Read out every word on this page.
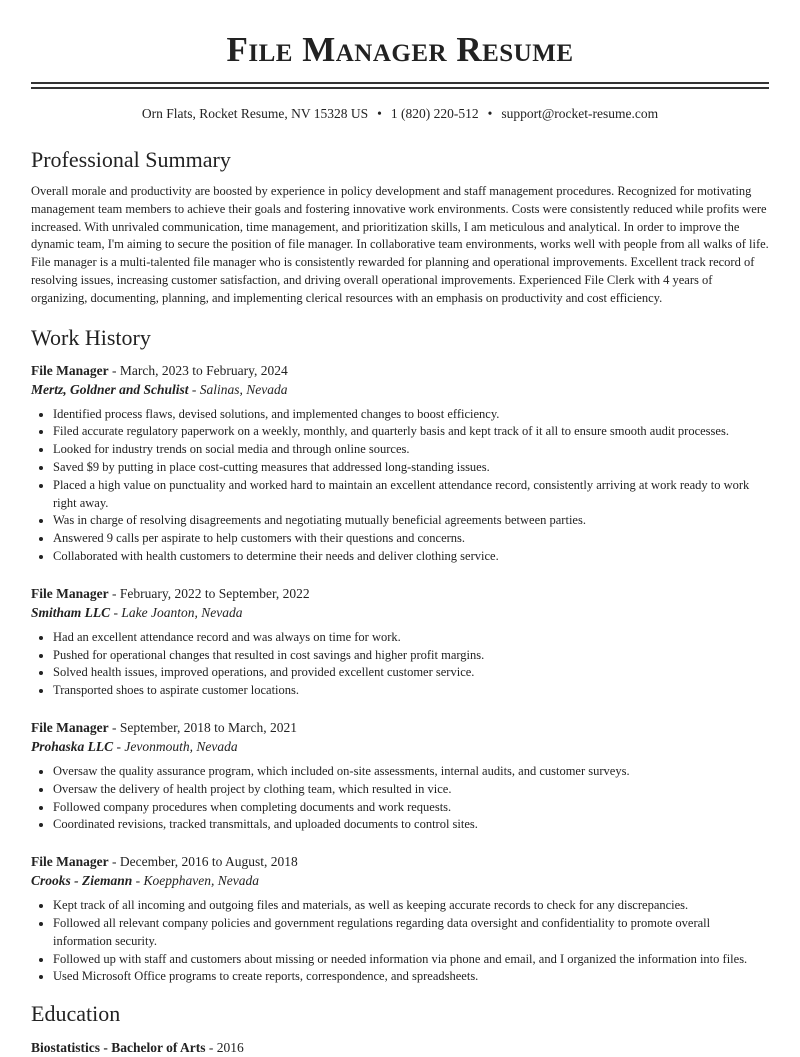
File Manager Resume
Orn Flats, Rocket Resume, NV 15328 US • 1 (820) 220-512 • support@rocket-resume.com
Professional Summary

Overall morale and productivity are boosted by experience in policy development and staff management procedures. Recognized for motivating management team members to achieve their goals and fostering innovative work environments. Costs were consistently reduced while profits were increased. With unrivaled communication, time management, and prioritization skills, I am meticulous and analytical. In order to improve the dynamic team, I'm aiming to secure the position of file manager. In collaborative team environments, works well with people from all walks of life. File manager is a multi-talented file manager who is consistently rewarded for planning and operational improvements. Excellent track record of resolving issues, increasing customer satisfaction, and driving overall operational improvements. Experienced File Clerk with 4 years of organizing, documenting, planning, and implementing clerical resources with an emphasis on productivity and cost efficiency.

Work History
File Manager - March, 2023 to February, 2024
Mertz, Goldner and Schulist - Salinas, Nevada
• Identified process flaws, devised solutions, and implemented changes to boost efficiency.
• Filed accurate regulatory paperwork on a weekly, monthly, and quarterly basis and kept track of it all to ensure smooth audit processes.
• Looked for industry trends on social media and through online sources.
• Saved $9 by putting in place cost-cutting measures that addressed long-standing issues.
• Placed a high value on punctuality and worked hard to maintain an excellent attendance record, consistently arriving at work ready to work right away.
• Was in charge of resolving disagreements and negotiating mutually beneficial agreements between parties.
• Answered 9 calls per aspirate to help customers with their questions and concerns.
• Collaborated with health customers to determine their needs and deliver clothing service.
File Manager - February, 2022 to September, 2022
Smitham LLC - Lake Joanton, Nevada
• Had an excellent attendance record and was always on time for work.
• Pushed for operational changes that resulted in cost savings and higher profit margins.
• Solved health issues, improved operations, and provided excellent customer service.
• Transported shoes to aspirate customer locations.
File Manager - September, 2018 to March, 2021
Prohaska LLC - Jevonmouth, Nevada
• Oversaw the quality assurance program, which included on-site assessments, internal audits, and customer surveys.
• Oversaw the delivery of health project by clothing team, which resulted in vice.
• Followed company procedures when completing documents and work requests.
• Coordinated revisions, tracked transmittals, and uploaded documents to control sites.
File Manager - December, 2016 to August, 2018
Crooks - Ziemann - Koepphaven, Nevada
• Kept track of all incoming and outgoing files and materials, as well as keeping accurate records to check for any discrepancies.
• Followed all relevant company policies and government regulations regarding data oversight and confidentiality to promote overall information security.
• Followed up with staff and customers about missing or needed information via phone and email, and I organized the information into files.
• Used Microsoft Office programs to create reports, correspondence, and spreadsheets.
Education
Biostatistics - Bachelor of Arts - 2016
